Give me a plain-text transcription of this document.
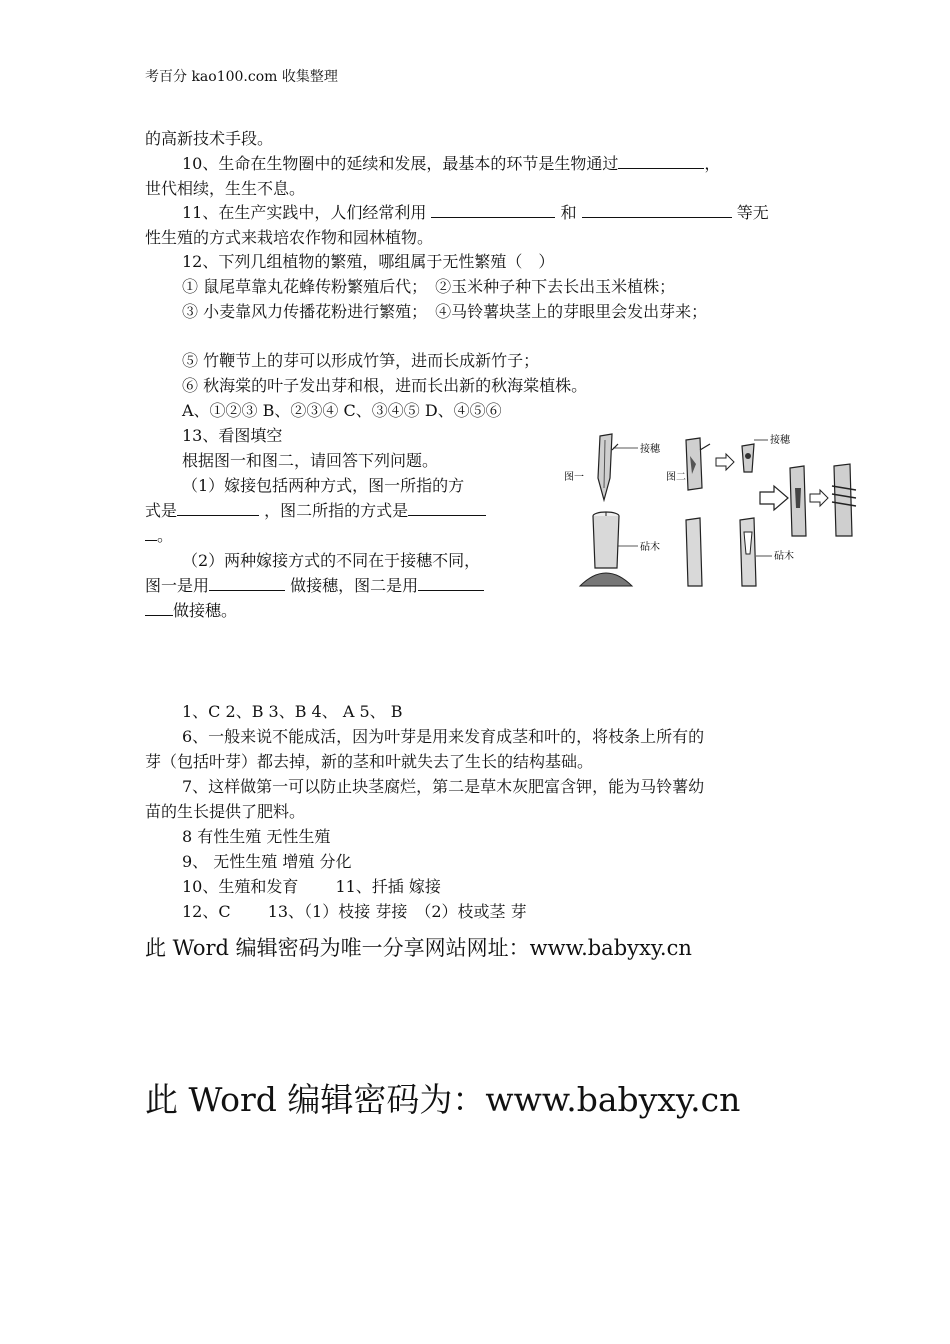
考百分 kao100.com 收集整理
的高新技术手段。
10、生命在生物圈中的延续和发展，最基本的环节是生物通过	，
世代相续，生生不息。
11、在生产实践中，人们经常利用	和	等无
性生殖的方式来栽培农作物和园林植物。
12、下列几组植物的繁殖，哪组属于无性繁殖（　）
① 鼠尾草靠丸花蜂传粉繁殖后代；　②玉米种子种下去长出玉米植株；
③ 小麦靠风力传播花粉进行繁殖；　④马铃薯块茎上的芽眼里会发出芽来；
⑤ 竹鞭节上的芽可以形成竹笋，进而长成新竹子；
⑥ 秋海棠的叶子发出芽和根，进而长出新的秋海棠植株。
A、①②③ B、②③④ C、③④⑤ D、④⑤⑥
13、看图填空
根据图一和图二，请回答下列问题。
（1）嫁接包括两种方式，图一所指的方
式是	，图二所指的方式是
。
（2）两种嫁接方式的不同在于接穗不同，
图一是用	做接穗，图二是用
做接穗。
图一
接穗
砧木
图二
接穗
砧木
1、C 2、B 3、B 4、 A 5、 B
6、一般来说不能成活，因为叶芽是用来发育成茎和叶的，将枝条上所有的
芽（包括叶芽）都去掉，新的茎和叶就失去了生长的结构基础。
7、这样做第一可以防止块茎腐烂，第二是草木灰肥富含钾，能为马铃薯幼
苗的生长提供了肥料。
8 有性生殖 无性生殖
9、 无性生殖 增殖 分化
10、生殖和发育　　 11、扦插 嫁接
12、C　　 13、（1）枝接 芽接　（2）枝或茎 芽
此 Word 编辑密码为唯一分享网站网址：www.babyxy.cn
此 Word 编辑密码为：www.babyxy.cn
